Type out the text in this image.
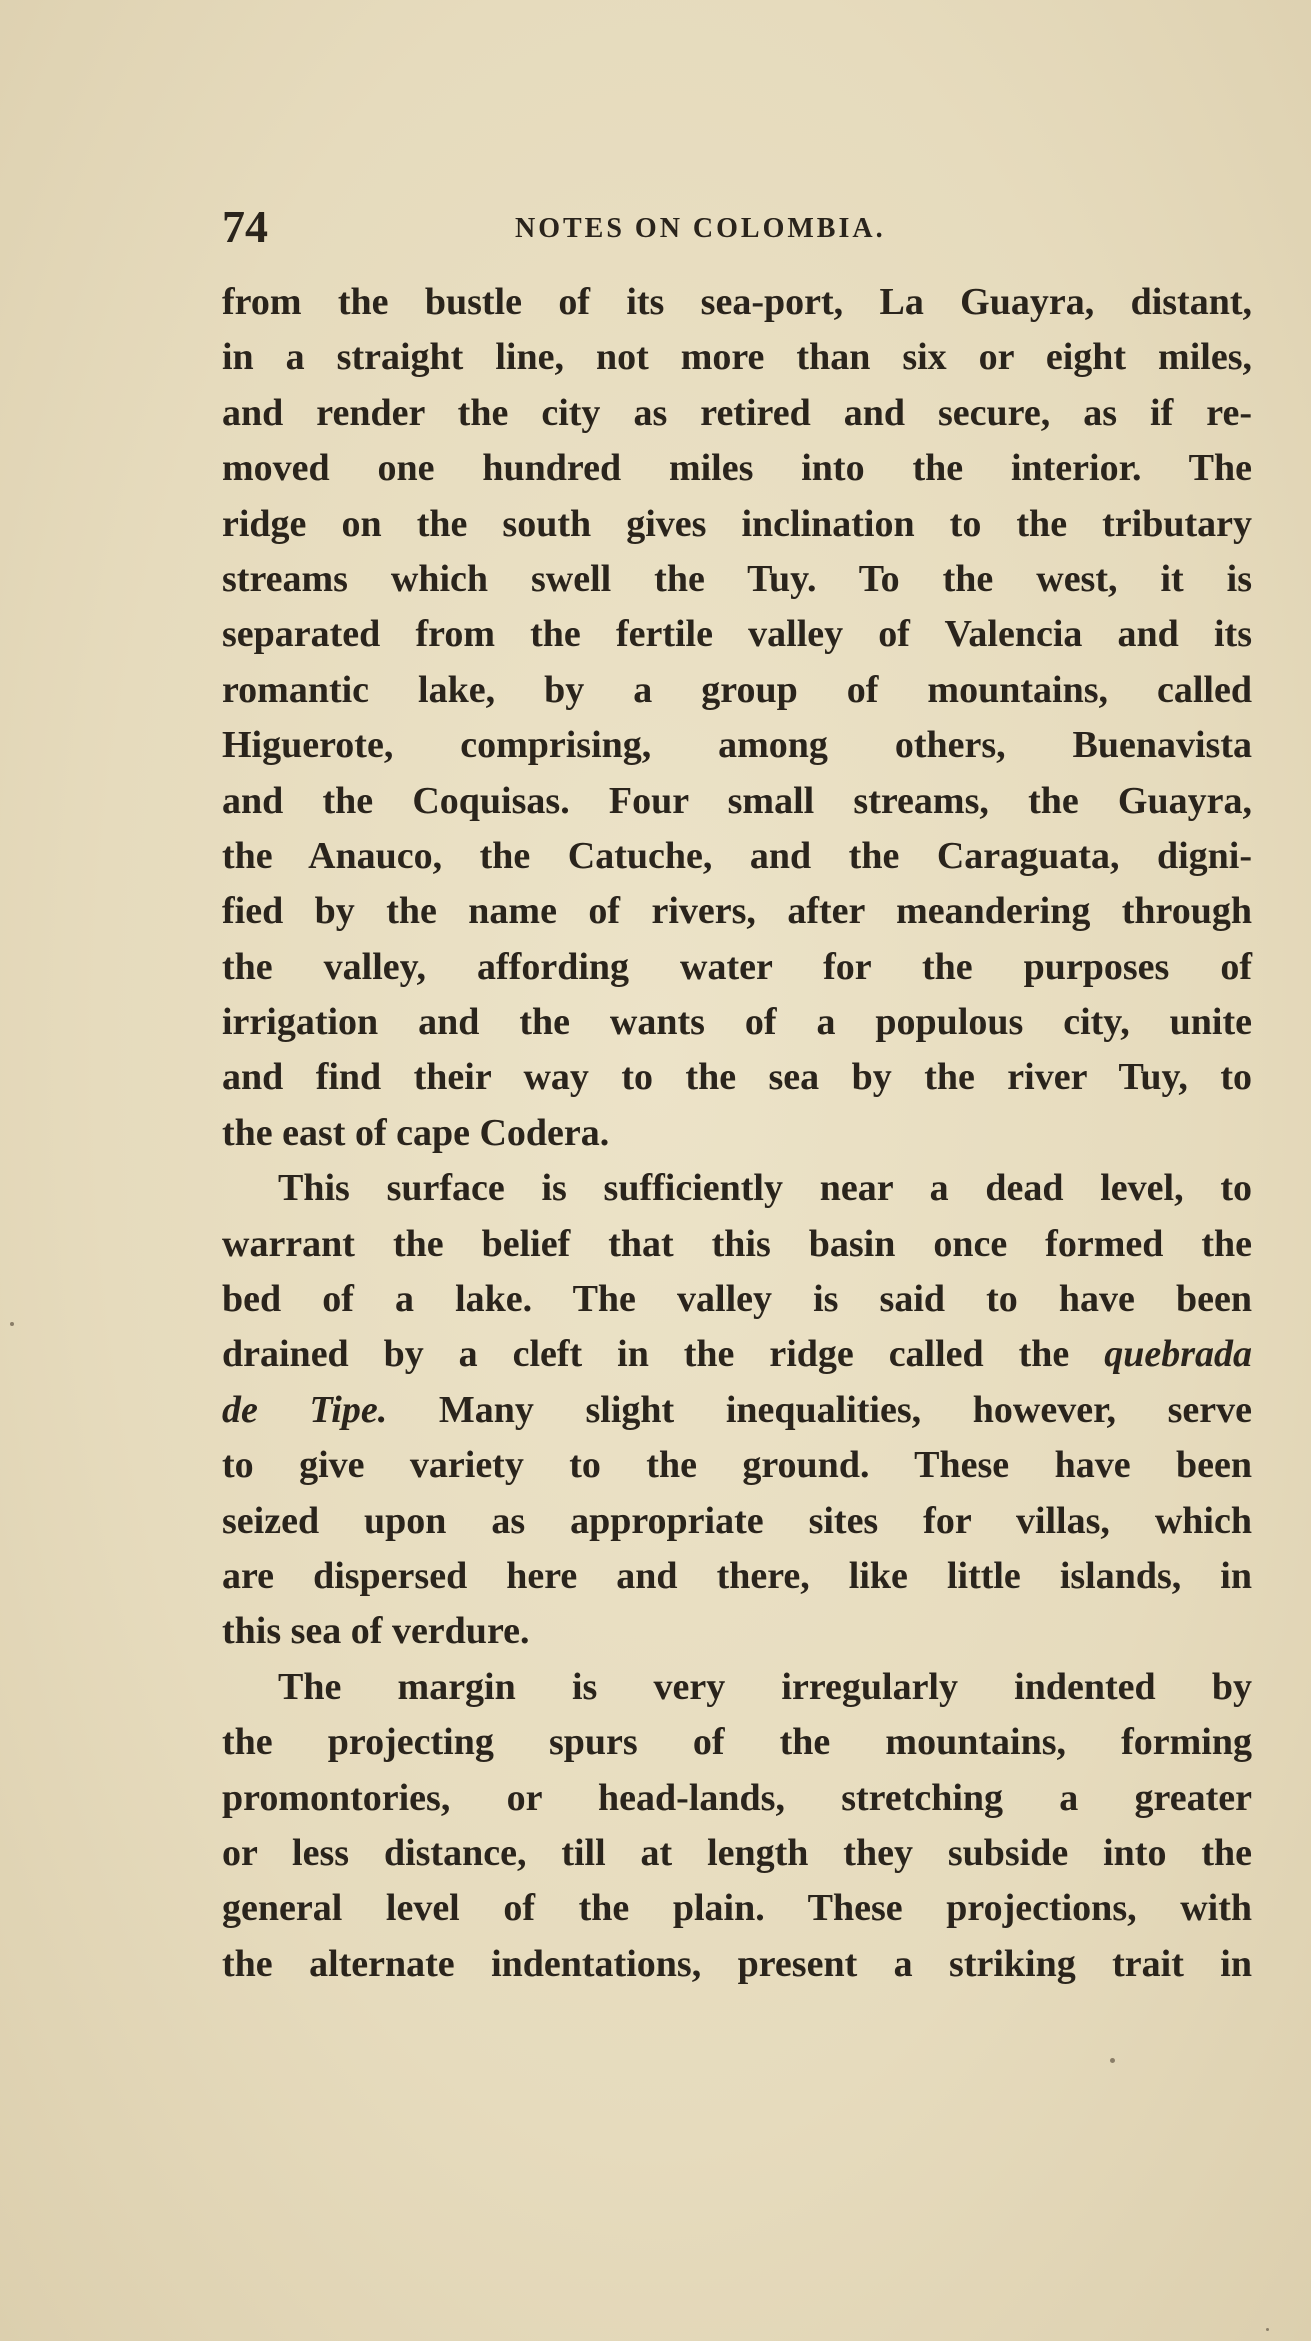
74	NOTES ON COLOMBIA.
from the bustle of its sea-port, La Guayra, distant,
in a straight line, not more than six or eight miles,
and render the city as retired and secure, as if re-
moved one hundred miles into the interior. The
ridge on the south gives inclination to the tributary
streams which swell the Tuy. To the west, it is
separated from the fertile valley of Valencia and its
romantic lake, by a group of mountains, called
Higuerote, comprising, among others, Buenavista
and the Coquisas. Four small streams, the Guayra,
the Anauco, the Catuche, and the Caraguata, digni-
fied by the name of rivers, after meandering through
the valley, affording water for the purposes of
irrigation and the wants of a populous city, unite
and find their way to the sea by the river Tuy, to
the east of cape Codera.
This surface is sufficiently near a dead level, to
warrant the belief that this basin once formed the
bed of a lake. The valley is said to have been
drained by a cleft in the ridge called the quebrada
de Tipe. Many slight inequalities, however, serve
to give variety to the ground. These have been
seized upon as appropriate sites for villas, which
are dispersed here and there, like little islands, in
this sea of verdure.
The margin is very irregularly indented by
the projecting spurs of the mountains, forming
promontories, or head-lands, stretching a greater
or less distance, till at length they subside into the
general level of the plain. These projections, with
the alternate indentations, present a striking trait in
